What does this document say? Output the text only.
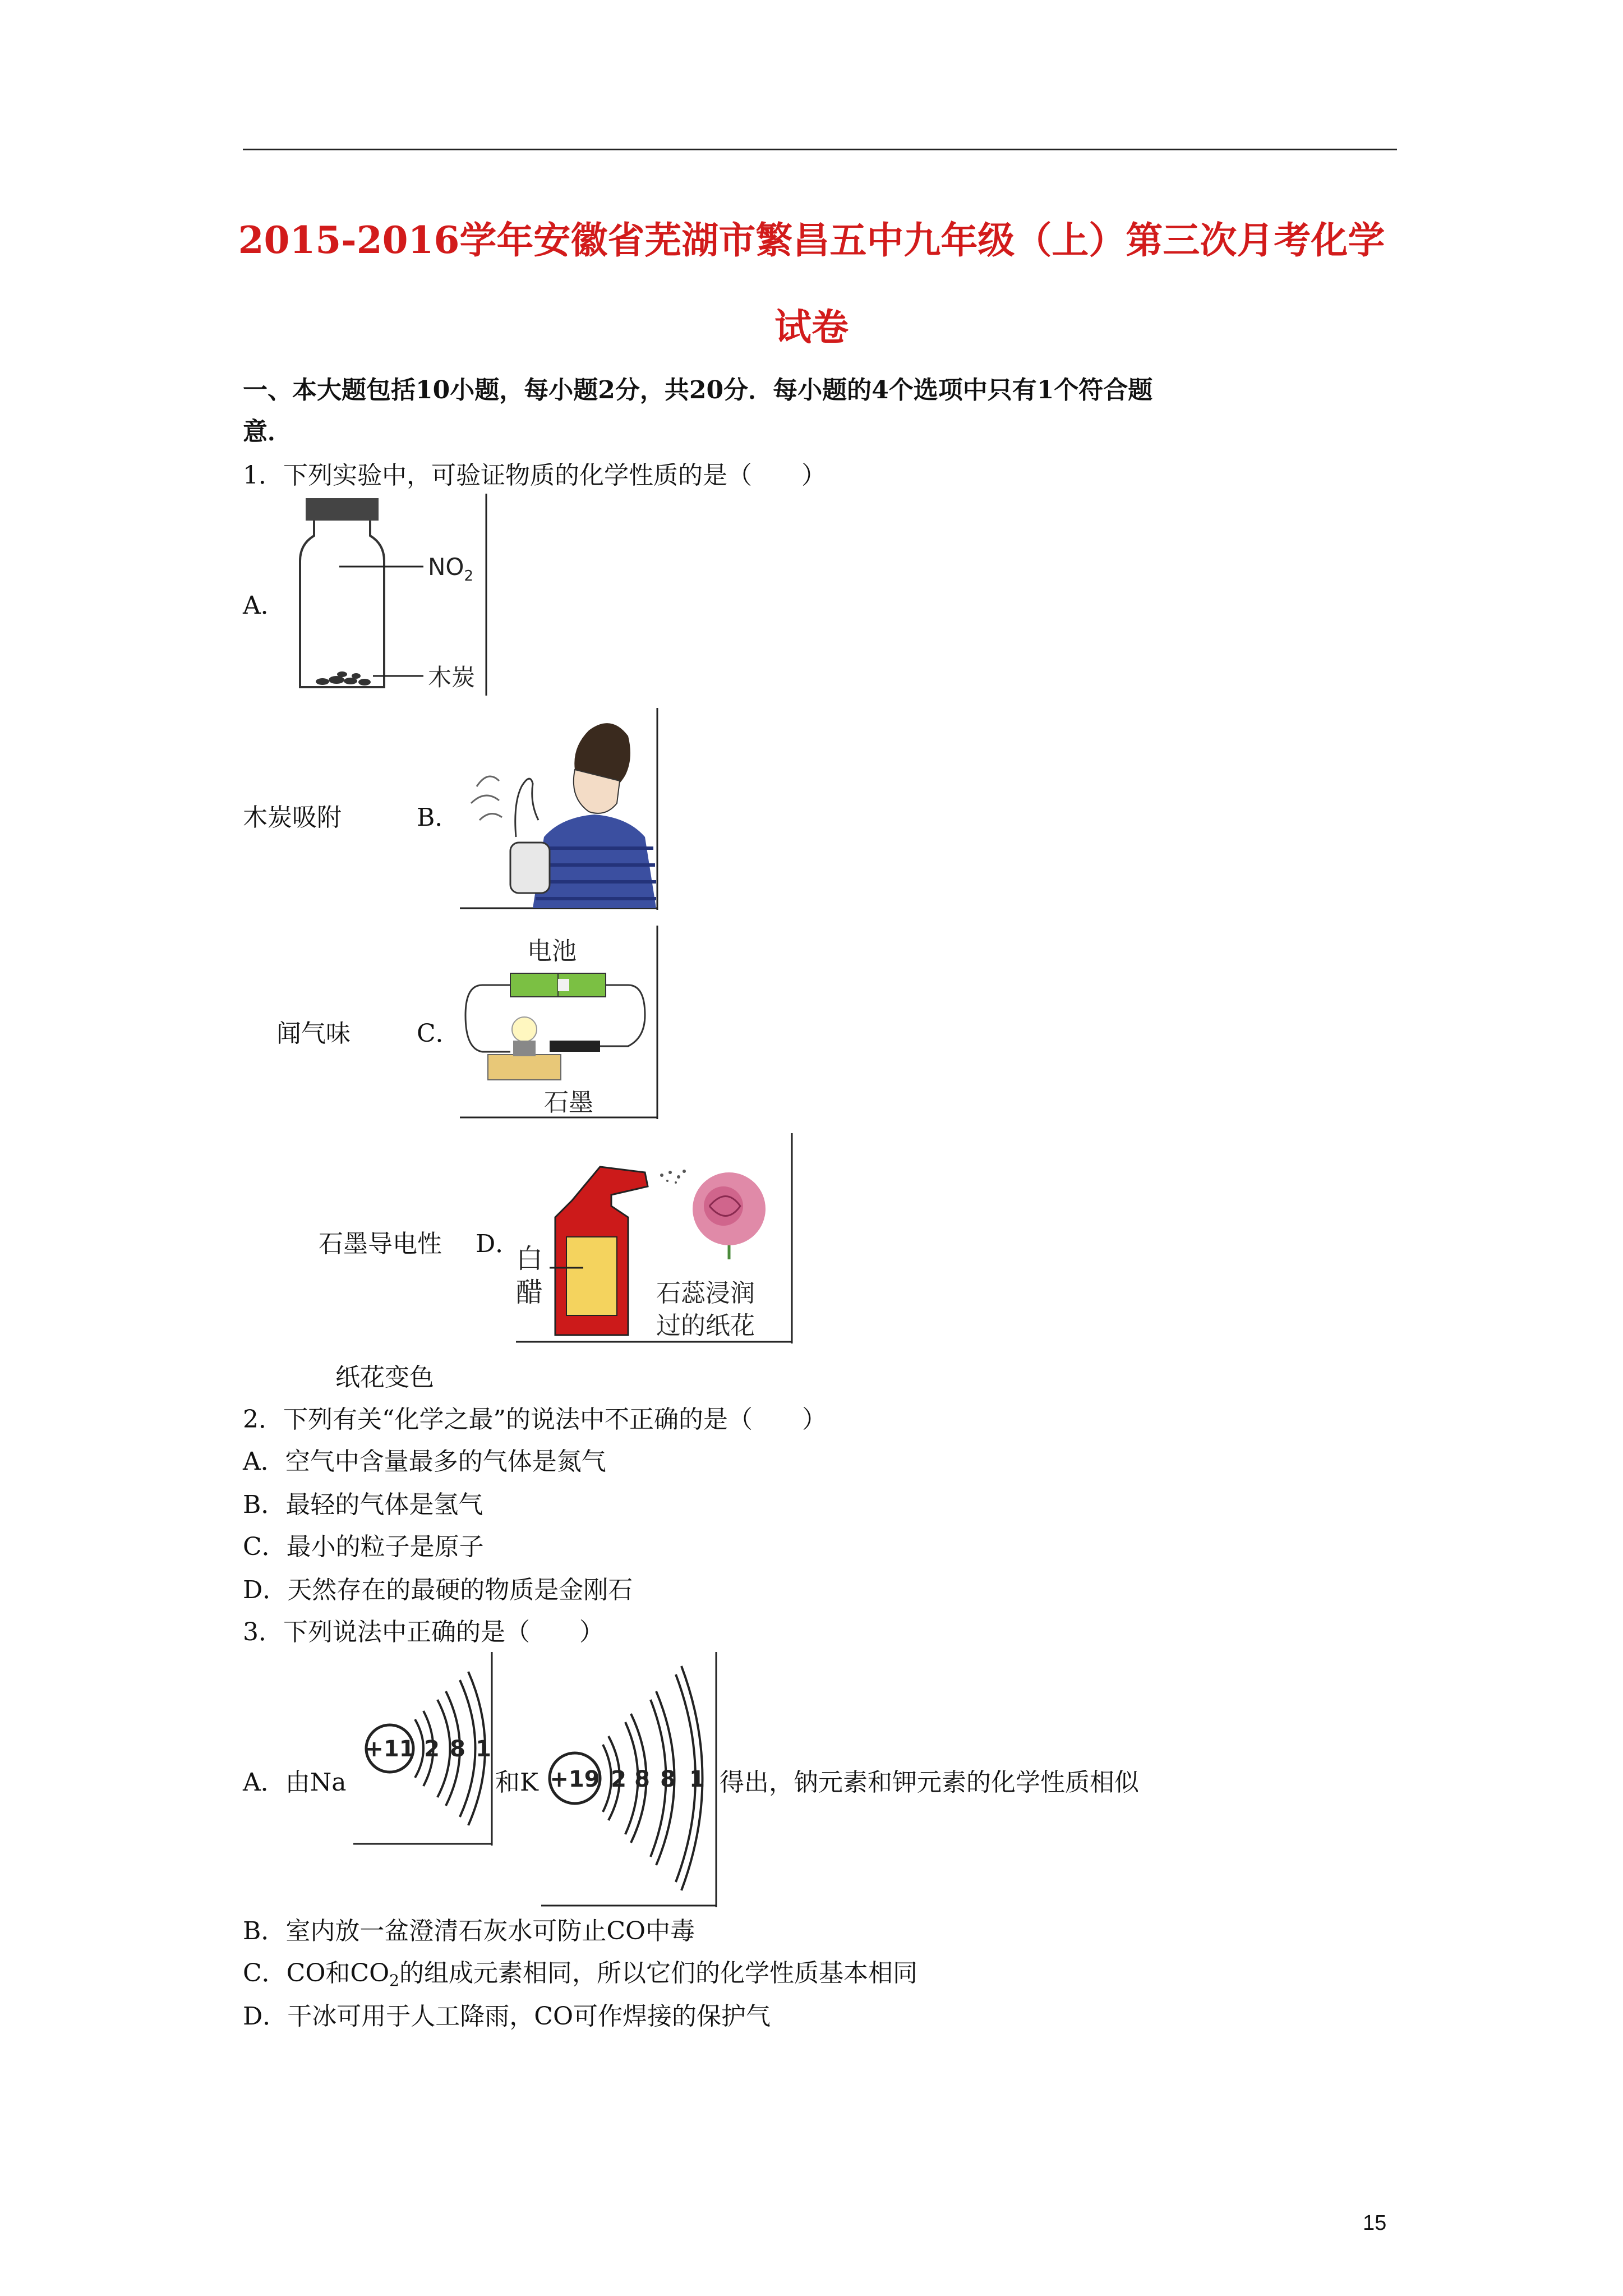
2015-2016学年安徽省芜湖市繁昌五中九年级（上）第三次月考化学
试卷
一、本大题包括10小题，每小题2分，共20分．每小题的4个选项中只有1个符合题
意．
1．下列实验中，可验证物质的化学性质的是（　　）
A．
$NO_2$
木炭
木炭吸附	B．
闻气味	C．
电池
石墨
石墨导电性 D．
白
醋	石蕊浸润
过的纸花
纸花变色
2．下列有关“化学之最”的说法中不正确的是（　　）
A．空气中含量最多的气体是氮气
B．最轻的气体是氢气
C．最小的粒子是原子
D．天然存在的最硬的物质是金刚石
3．下列说法中正确的是（　　）
A．由Na
+11 2 8 1
和K +19 2 8 8 1 得出，钠元素和钾元素的化学性质相似
B．室内放一盆澄清石灰水可防止CO中毒
C．CO和$CO_2$的组成元素相同，所以它们的化学性质基本相同
D．干冰可用于人工降雨，CO可作焊接的保护气
15
